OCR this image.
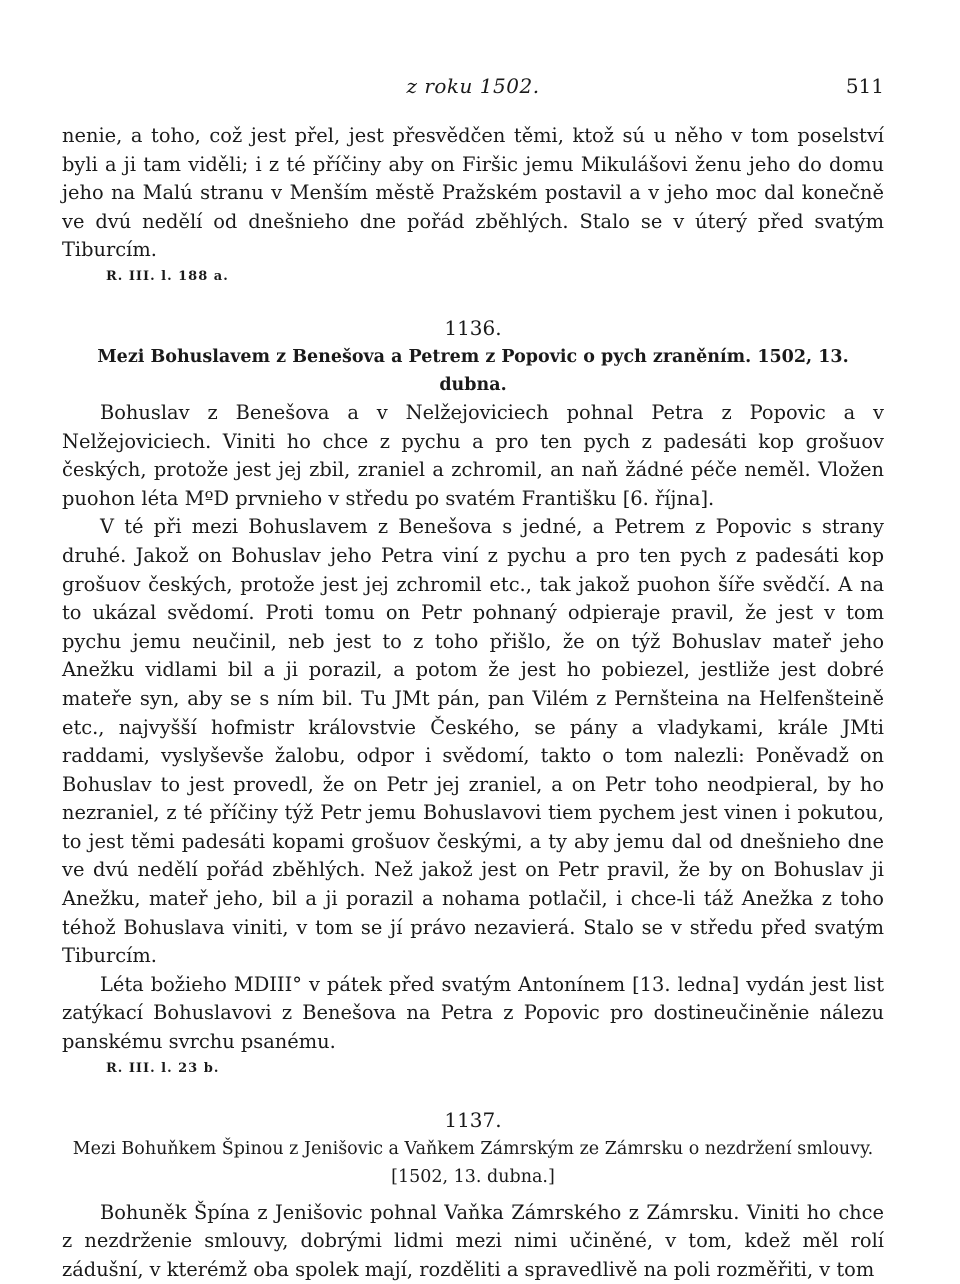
z roku 1502.	511

nenie, a toho, což jest přel, jest přesvědčen těmi, ktož sú u něho v tom poselství byli a ji tam viděli; i z té příčiny aby on Firšic jemu Mikulášovi ženu jeho do domu jeho na Malú stranu v Menším městě Pražském postavil a v jeho moc dal konečně ve dvú nedělí od dnešnieho dne pořád zběhlých. Stalo se v úterý před svatým Tiburcím.

R. III. l. 188 a.
1136.
Mezi Bohuslavem z Benešova a Petrem z Popovic o pych zraněním. 1502, 13. dubna.

Bohuslav z Benešova a v Nelžejoviciech pohnal Petra z Popovic a v Nelžejoviciech. Viniti ho chce z pychu a pro ten pych z padesáti kop grošuov českých, protože jest jej zbil, zraniel a zchromil, an naň žádné péče neměl. Vložen puohon léta MºD prvnieho v středu po svatém Františku [6. října].

V té při mezi Bohuslavem z Benešova s jedné, a Petrem z Popovic s strany druhé. Jakož on Bohuslav jeho Petra viní z pychu a pro ten pych z padesáti kop grošuov českých, protože jest jej zchromil etc., tak jakož puohon šíře svědčí. A na to ukázal svědomí. Proti tomu on Petr pohnaný odpieraje pravil, že jest v tom pychu jemu neučinil, neb jest to z toho přišlo, že on týž Bohuslav mateř jeho Anežku vidlami bil a ji porazil, a potom že jest ho pobiezel, jestliže jest dobré mateře syn, aby se s ním bil. Tu JMt pán, pan Vilém z Pernšteina na Helfenšteině etc., najvyšší hofmistr královstvie Českého, se pány a vladykami, krále JMti raddami, vyslyševše žalobu, odpor i svědomí, takto o tom nalezli: Poněvadž on Bohuslav to jest provedl, že on Petr jej zraniel, a on Petr toho neodpieral, by ho nezraniel, z té příčiny týž Petr jemu Bohuslavovi tiem pychem jest vinen i pokutou, to jest těmi padesáti kopami grošuov českými, a ty aby jemu dal od dnešnieho dne ve dvú nedělí pořád zběhlých. Než jakož jest on Petr pravil, že by on Bohuslav ji Anežku, mateř jeho, bil a ji porazil a nohama potlačil, i chce-li táž Anežka z toho téhož Bohuslava viniti, v tom se jí právo nezavierá. Stalo se v středu před svatým Tiburcím.

Léta božieho MDIII° v pátek před svatým Antonínem [13. ledna] vydán jest list zatýkací Bohuslavovi z Benešova na Petra z Popovic pro dostineučiněnie nálezu panskému svrchu psanému.

R. III. l. 23 b.
1137.
Mezi Bohuňkem Špinou z Jenišovic a Vaňkem Zámrským ze Zámrsku o nezdržení smlouvy.
[1502, 13. dubna.]

Bohuněk Špína z Jenišovic pohnal Vaňka Zámrského z Zámrsku. Viniti ho chce z nezdrženie smlouvy, dobrými lidmi mezi nimi učiněné, v tom, kdež měl rolí zádušní, v kterémž oba spolek mají, rozděliti a spravedlivě na poli rozměřiti, v tom
